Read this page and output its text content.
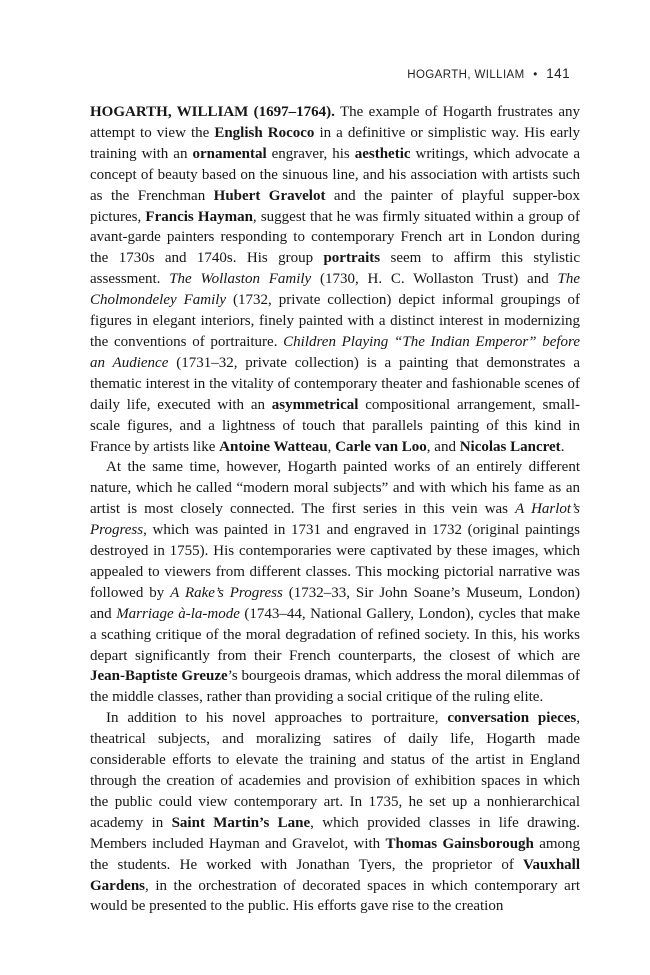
HOGARTH, WILLIAM • 141

HOGARTH, WILLIAM (1697–1764). The example of Hogarth frustrates any attempt to view the English Rococo in a definitive or simplistic way. His early training with an ornamental engraver, his aesthetic writings, which advocate a concept of beauty based on the sinuous line, and his association with artists such as the Frenchman Hubert Gravelot and the painter of playful supper-box pictures, Francis Hayman, suggest that he was firmly situated within a group of avant-garde painters responding to contemporary French art in London during the 1730s and 1740s. His group portraits seem to affirm this stylistic assessment. The Wollaston Family (1730, H. C. Wollaston Trust) and The Cholmondeley Family (1732, private collection) depict informal groupings of figures in elegant interiors, finely painted with a distinct interest in modernizing the conventions of portraiture. Children Playing “The Indian Emperor” before an Audience (1731–32, private collection) is a painting that demonstrates a thematic interest in the vitality of contemporary theater and fashionable scenes of daily life, executed with an asymmetrical compositional arrangement, small-scale figures, and a lightness of touch that parallels painting of this kind in France by artists like Antoine Watteau, Carle van Loo, and Nicolas Lancret.

At the same time, however, Hogarth painted works of an entirely different nature, which he called “modern moral subjects” and with which his fame as an artist is most closely connected. The first series in this vein was A Harlot’s Progress, which was painted in 1731 and engraved in 1732 (original paintings destroyed in 1755). His contemporaries were captivated by these images, which appealed to viewers from different classes. This mocking pictorial narrative was followed by A Rake’s Progress (1732–33, Sir John Soane’s Museum, London) and Marriage à-la-mode (1743–44, National Gallery, London), cycles that make a scathing critique of the moral degradation of refined society. In this, his works depart significantly from their French counterparts, the closest of which are Jean-Baptiste Greuze’s bourgeois dramas, which address the moral dilemmas of the middle classes, rather than providing a social critique of the ruling elite.

In addition to his novel approaches to portraiture, conversation pieces, theatrical subjects, and moralizing satires of daily life, Hogarth made considerable efforts to elevate the training and status of the artist in England through the creation of academies and provision of exhibition spaces in which the public could view contemporary art. In 1735, he set up a nonhierarchical academy in Saint Martin’s Lane, which provided classes in life drawing. Members included Hayman and Gravelot, with Thomas Gainsborough among the students. He worked with Jonathan Tyers, the proprietor of Vauxhall Gardens, in the orchestration of decorated spaces in which contemporary art would be presented to the public. His efforts gave rise to the creation
